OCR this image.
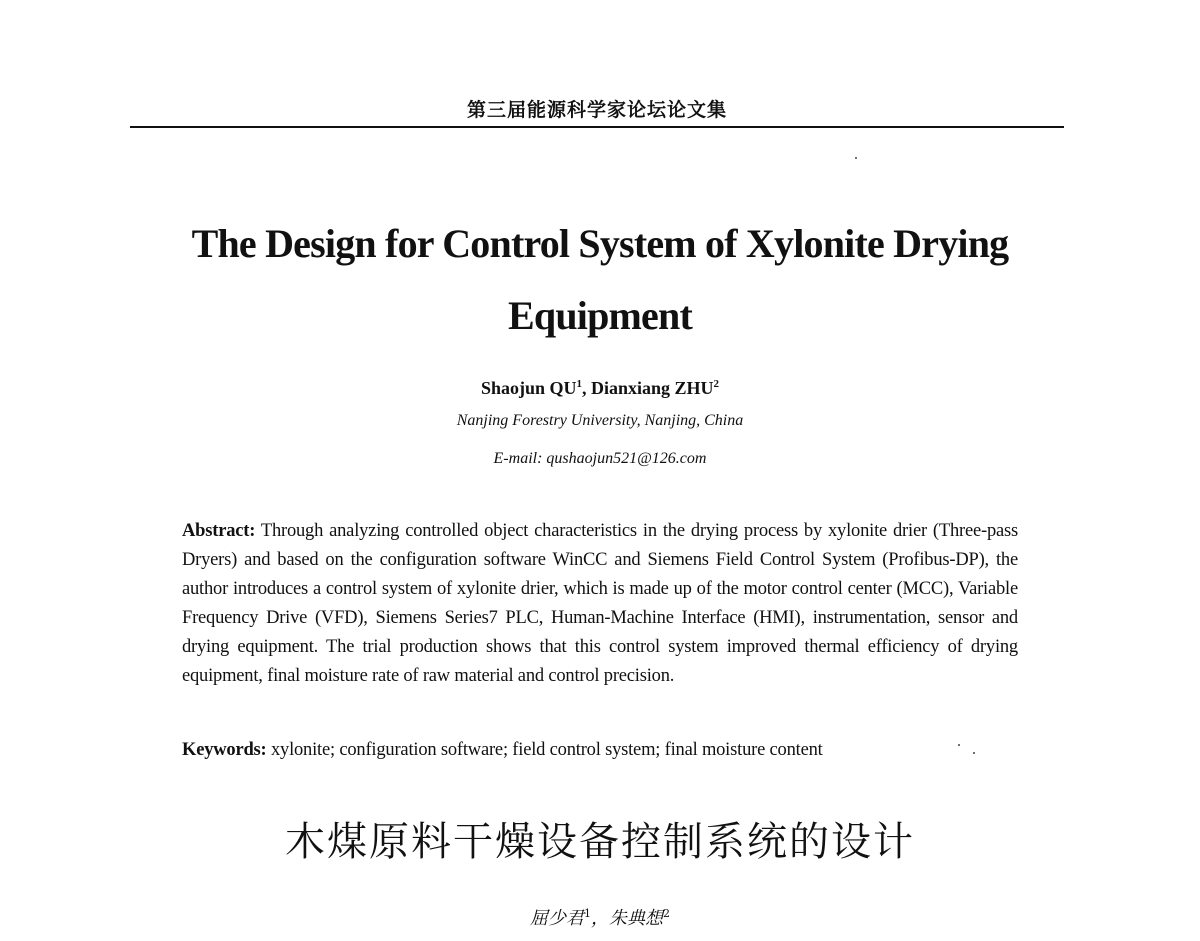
第三届能源科学家论坛论文集
The Design for Control System of Xylonite Drying
Equipment
Shaojun $QU^1$, Dianxiang ZHU$^2$
Nanjing Forestry University, Nanjing, China
E-mail: qushaojun521@126.com
Abstract: Through analyzing controlled object characteristics in the drying process by xylonite drier (Three-pass Dryers) and based on the configuration software WinCC and Siemens Field Control System (Profibus-DP), the author introduces a control system of xylonite drier, which is made up of the motor control center (MCC), Variable Frequency Drive (VFD), Siemens Series7 PLC, Human-Machine Interface (HMI), instrumentation, sensor and drying equipment. The trial production shows that this control system improved thermal efficiency of drying equipment, final moisture rate of raw material and control precision.
Keywords: xylonite; configuration software; field control system; final moisture content
木煤原料干燥设备控制系统的设计
屈少君$^1$，朱典想$^2$
